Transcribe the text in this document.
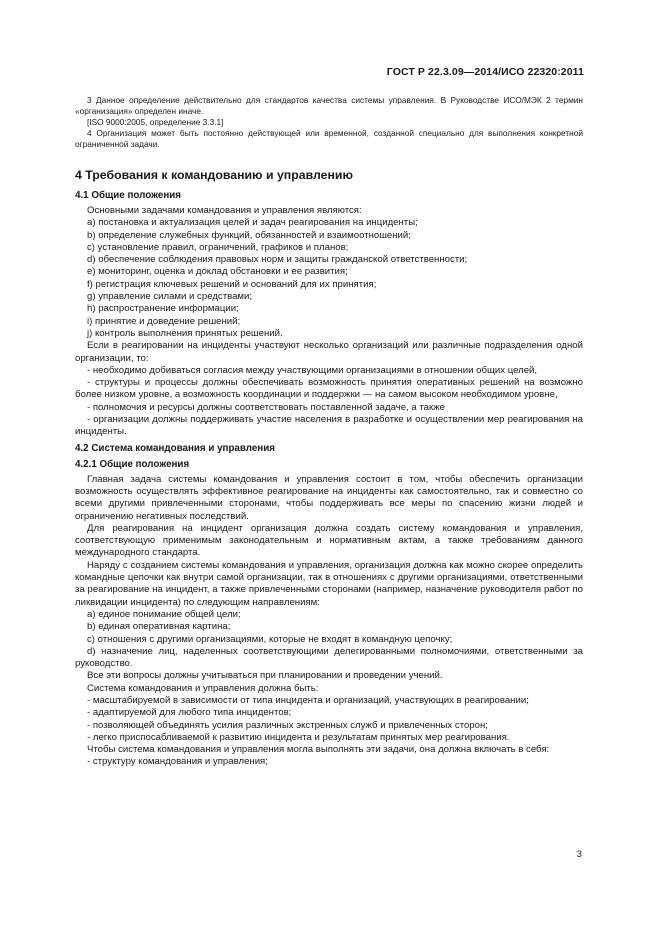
ГОСТ Р 22.3.09—2014/ИСО 22320:2011

3 Данное определение действительно для стандартов качества системы управления. В Руководстве ИСО/МЭК 2 термин «организация» определен иначе.

[ISO 9000:2005, определение 3.3.1]

4 Организация может быть постоянно действующей или временной, созданной специально для выполнения конкретной ограниченной задачи.

4 Требования к командованию и управлению
4.1 Общие положения

Основными задачами командования и управления являются:

a) постановка и актуализация целей и задач реагирования на инциденты;

b) определение служебных функций, обязанностей и взаимоотношений;

c) установление правил, ограничений, графиков и планов;

d) обеспечение соблюдения правовых норм и защиты гражданской ответственности;

e) мониторинг, оценка и доклад обстановки и ее развития;

f) регистрация ключевых решений и оснований для их принятия;

g) управление силами и средствами;

h) распространение информации;

i) принятие и доведение решений;

j) контроль выполнения принятых решений.

Если в реагировании на инциденты участвуют несколько организаций или различные подразделения одной организации, то:

- необходимо добиваться согласия между участвующими организациями в отношении общих целей,

- структуры и процессы должны обеспечивать возможность принятия оперативных решений на возможно более низком уровне, а возможность координации и поддержки — на самом высоком необходимом уровне,

- полномочия и ресурсы должны соответствовать поставленной задаче, а также

- организации должны поддерживать участие населения в разработке и осуществлении мер реагирования на инциденты.

4.2 Система командования и управления
4.2.1 Общие положения

Главная задача системы командования и управления состоит в том, чтобы обеспечить организации возможность осуществлять эффективное реагирование на инциденты как самостоятельно, так и совместно со всеми другими привлеченными сторонами, чтобы поддерживать все меры по спасению жизни людей и ограничению негативных последствий.

Для реагирования на инцидент организация должна создать систему командования и управления, соответствующую применимым законодательным и нормативным актам, а также требованиям данного международного стандарта.

Наряду с созданием системы командования и управления, организация должна как можно скорее определить командные цепочки как внутри самой организации, так в отношениях с другими организациями, ответственными за реагирование на инцидент, а также привлеченными сторонами (например, назначение руководителя работ по ликвидации инцидента) по следующим направлениям:

a) единое понимание общей цели;

b) единая оперативная картина;

c) отношения с другими организациями, которые не входят в командную цепочку;

d) назначение лиц, наделенных соответствующими делегированными полномочиями, ответственными за руководство.

Все эти вопросы должны учитываться при планировании и проведении учений.

Система командования и управления должна быть:

- масштабируемой в зависимости от типа инцидента и организаций, участвующих в реагировании;

- адаптируемой для любого типа инцидентов;

- позволяющей объединять усилия различных экстренных служб и привлеченных сторон;

- легко приспосабливаемой к развитию инцидента и результатам принятых мер реагирования.

Чтобы система командования и управления могла выполнять эти задачи, она должна включать в себя:

- структуру командования и управления;

3
